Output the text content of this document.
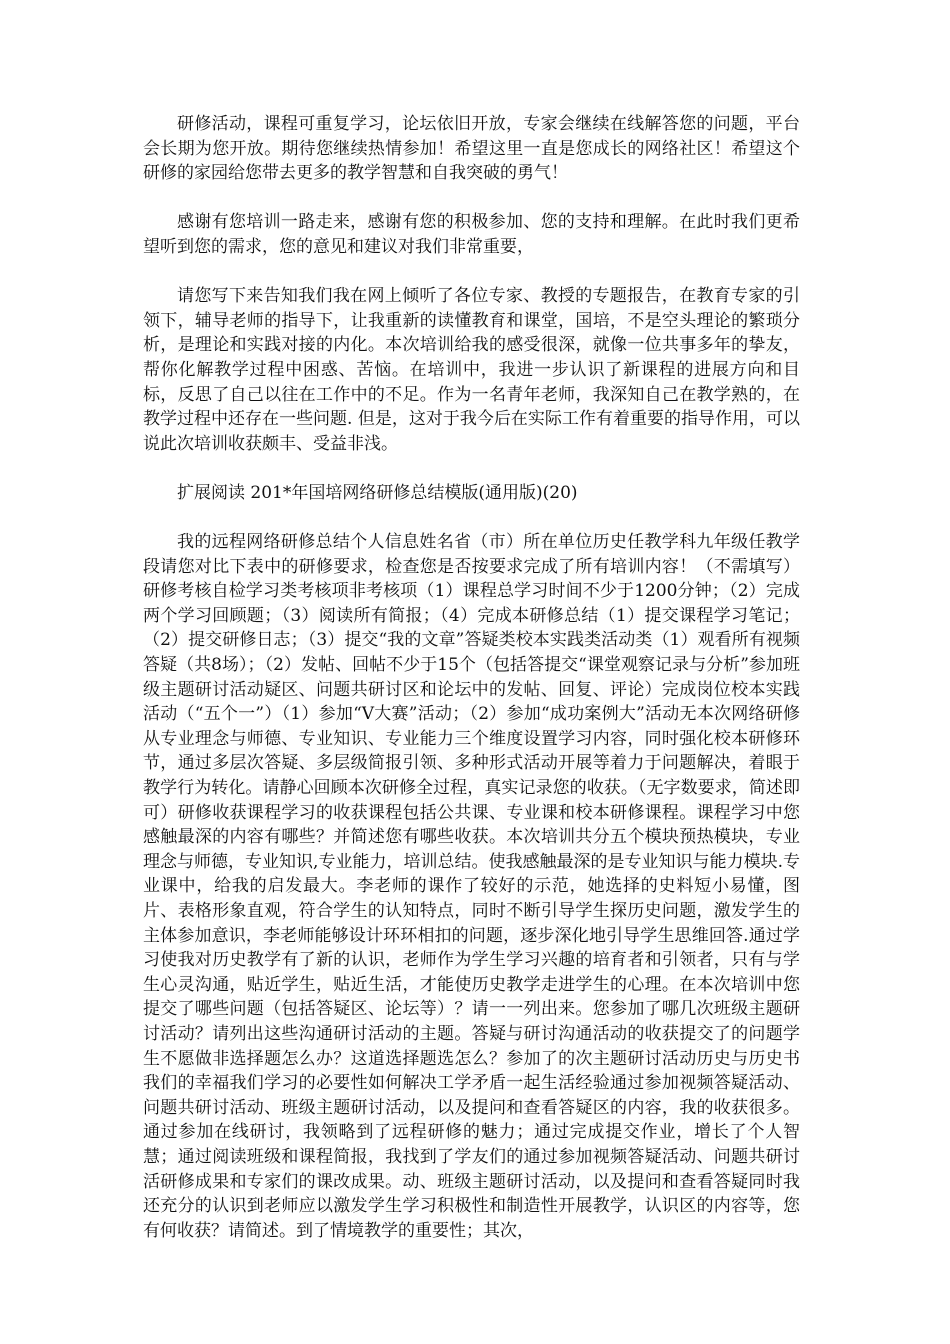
研修活动，课程可重复学习，论坛依旧开放，专家会继续在线解答您的问题，平台会长期为您开放。期待您继续热情参加！希望这里一直是您成长的网络社区！希望这个研修的家园给您带去更多的教学智慧和自我突破的勇气！

感谢有您培训一路走来，感谢有您的积极参加、您的支持和理解。在此时我们更希望听到您的需求，您的意见和建议对我们非常重要，

请您写下来告知我们我在网上倾听了各位专家、教授的专题报告，在教育专家的引领下，辅导老师的指导下，让我重新的读懂教育和课堂，国培，不是空头理论的繁琐分析，是理论和实践对接的内化。本次培训给我的感受很深，就像一位共事多年的挚友，帮你化解教学过程中困惑、苦恼。在培训中，我进一步认识了新课程的进展方向和目标，反思了自己以往在工作中的不足。作为一名青年老师，我深知自己在教学熟的，在教学过程中还存在一些问题. 但是，这对于我今后在实际工作有着重要的指导作用，可以说此次培训收获颇丰、受益非浅。

扩展阅读 201*年国培网络研修总结模版(通用版)(20)

我的远程网络研修总结个人信息姓名省（市）所在单位历史任教学科九年级任教学段请您对比下表中的研修要求，检查您是否按要求完成了所有培训内容！（不需填写）研修考核自检学习类考核项非考核项（1）课程总学习时间不少于1200分钟；（2）完成两个学习回顾题；（3）阅读所有简报；（4）完成本研修总结（1）提交课程学习笔记；（2）提交研修日志；（3）提交“我的文章”答疑类校本实践类活动类（1）观看所有视频答疑（共8场）；（2）发帖、回帖不少于15个（包括答提交“课堂观察记录与分析”参加班级主题研讨活动疑区、问题共研讨区和论坛中的发帖、回复、评论）完成岗位校本实践活动（“五个一”）（1）参加“V大赛”活动；（2）参加“成功案例大”活动无本次网络研修从专业理念与师德、专业知识、专业能力三个维度设置学习内容，同时强化校本研修环节，通过多层次答疑、多层级简报引领、多种形式活动开展等着力于问题解决，着眼于教学行为转化。请静心回顾本次研修全过程，真实记录您的收获。（无字数要求，简述即可）研修收获课程学习的收获课程包括公共课、专业课和校本研修课程。课程学习中您感触最深的内容有哪些？并简述您有哪些收获。本次培训共分五个模块预热模块，专业理念与师德，专业知识,专业能力，培训总结。使我感触最深的是专业知识与能力模块.专业课中，给我的启发最大。李老师的课作了较好的示范，她选择的史料短小易懂，图片、表格形象直观，符合学生的认知特点，同时不断引导学生探历史问题，激发学生的主体参加意识，李老师能够设计环环相扣的问题，逐步深化地引导学生思维回答.通过学习使我对历史教学有了新的认识，老师作为学生学习兴趣的培育者和引领者，只有与学生心灵沟通，贴近学生，贴近生活，才能使历史教学走进学生的心理。在本次培训中您提交了哪些问题（包括答疑区、论坛等）？请一一列出来。您参加了哪几次班级主题研讨活动？请列出这些沟通研讨活动的主题。答疑与研讨沟通活动的收获提交了的问题学生不愿做非选择题怎么办？这道选择题选怎么？参加了的次主题研讨活动历史与历史书我们的幸福我们学习的必要性如何解决工学矛盾一起生活经验通过参加视频答疑活动、问题共研讨活动、班级主题研讨活动，以及提问和查看答疑区的内容，我的收获很多。通过参加在线研讨，我领略到了远程研修的魅力；通过完成提交作业，增长了个人智慧；通过阅读班级和课程简报，我找到了学友们的通过参加视频答疑活动、问题共研讨活研修成果和专家们的课改成果。动、班级主题研讨活动，以及提问和查看答疑同时我还充分的认识到老师应以激发学生学习积极性和制造性开展教学，认识区的内容等，您有何收获？请简述。到了情境教学的重要性；其次，
